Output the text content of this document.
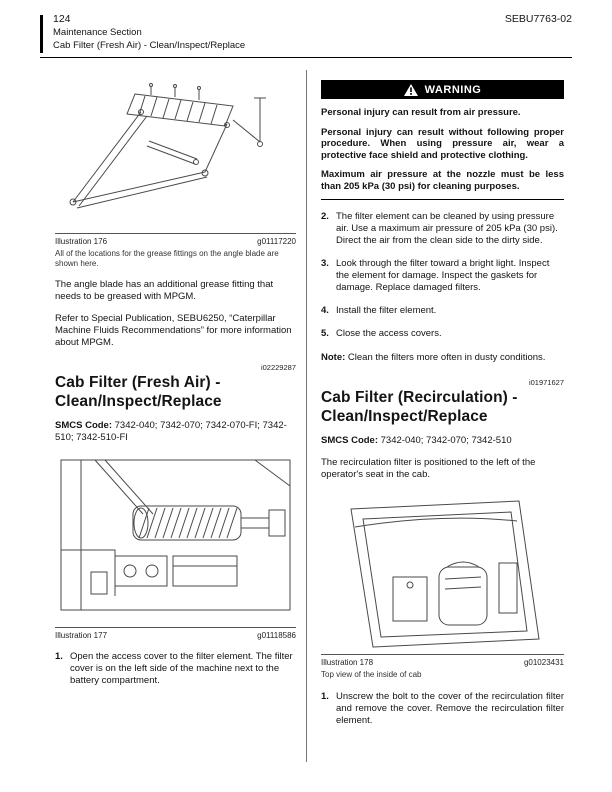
124
Maintenance Section
Cab Filter (Fresh Air) - Clean/Inspect/Replace
SEBU7763-02
Illustration 176	g01117220
All of the locations for the grease fittings on the angle blade are shown here.
The angle blade has an additional grease fitting that needs to be greased with MPGM.
Refer to Special Publication, SEBU6250, “Caterpillar Machine Fluids Recommendations” for more information about MPGM.
i02229287
Cab Filter (Fresh Air) -
Clean/Inspect/Replace
SMCS Code: 7342-040; 7342-070; 7342-070-FI; 7342-510; 7342-510-FI
Illustration 177	g01118586
1. Open the access cover to the filter element. The filter cover is on the left side of the machine next to the battery compartment.
WARNING
Personal injury can result from air pressure.
Personal injury can result without following proper procedure. When using pressure air, wear a protective face shield and protective clothing.
Maximum air pressure at the nozzle must be less than 205 kPa (30 psi) for cleaning purposes.
2. The filter element can be cleaned by using pressure air. Use a maximum air pressure of 205 kPa (30 psi). Direct the air from the clean side to the dirty side.
3. Look through the filter toward a bright light. Inspect the element for damage. Inspect the gaskets for damage. Replace damaged filters.
4. Install the filter element.
5. Close the access covers.
Note: Clean the filters more often in dusty conditions.
i01971627
Cab Filter (Recirculation) -
Clean/Inspect/Replace
SMCS Code: 7342-040; 7342-070; 7342-510
The recirculation filter is positioned to the left of the operator's seat in the cab.
Illustration 178	g01023431
Top view of the inside of cab
1. Unscrew the bolt to the cover of the recirculation filter and remove the cover. Remove the recirculation filter element.
